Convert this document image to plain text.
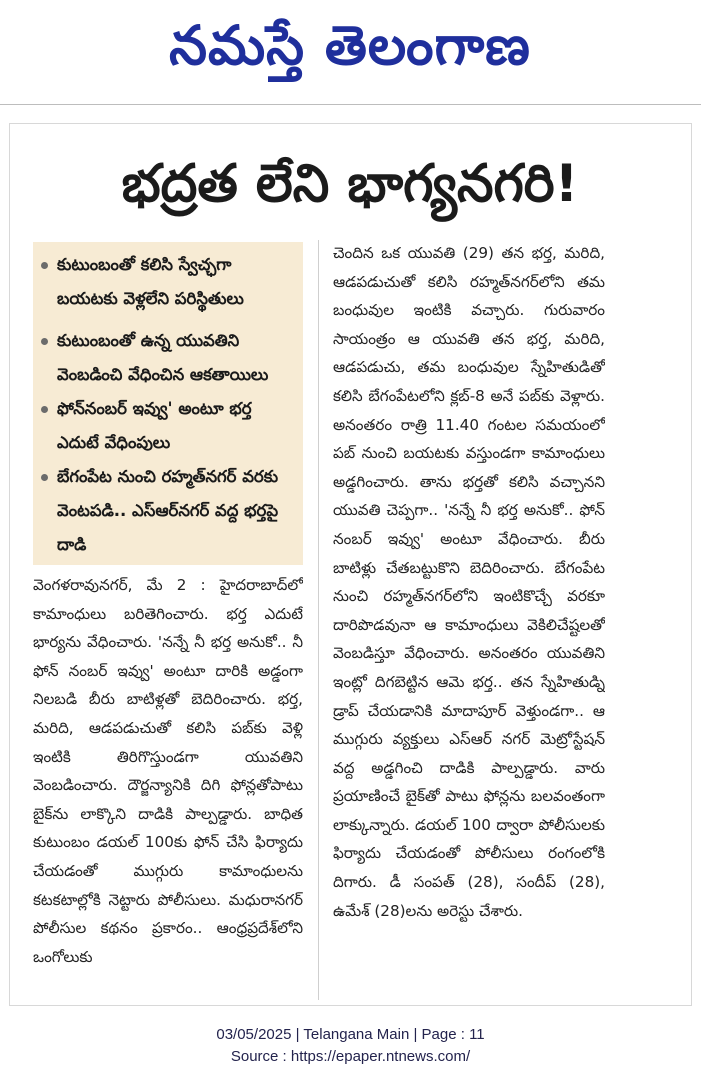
నమస్తే తెలంగాణ
భద్రత లేని భాగ్యనగరి!
కుటుంబంతో కలిసి స్వేచ్ఛగా బయటకు వెళ్లలేని పరిస్థితులు
కుటుంబంతో ఉన్న యువతిని వెంబడించి వేధించిన ఆకతాయిలు
ఫోన్‌నంబర్ ఇవ్వు' అంటూ భర్త ఎదుటే వేధింపులు
బేగంపేట నుంచి రహ్మత్‌నగర్ వరకు వెంటపడి.. ఎస్ఆర్‌నగర్ వద్ద భర్తపై దాడి
వెంగళరావునగర్, మే 2 : హైదరాబాద్‌లో కామాంధులు బరితెగించారు. భర్త ఎదుటే భార్యను వేధించారు. 'నన్నే నీ భర్త అనుకో.. నీ ఫోన్ నంబర్ ఇవ్వు' అంటూ దారికి అడ్డంగా నిలబడి బీరు బాటిళ్లతో బెదిరించారు. భర్త, మరిది, ఆడపడుచుతో కలిసి పబ్‌కు వెళ్లి ఇంటికి తిరిగొస్తుండగా యువతిని వెంబడించారు. దౌర్జన్యానికి దిగి ఫోన్లతోపాటు బైక్‌ను లాక్కొని దాడికి పాల్పడ్డారు. బాధిత కుటుంబం డయల్ 100కు ఫోన్ చేసి ఫిర్యాదు చేయడంతో ముగ్గురు కామాంధులను కటకటాల్లోకి నెట్టారు పోలీసులు. మధురానగర్ పోలీసుల కథనం ప్రకారం.. ఆంధ్రప్రదేశ్‌లోని ఒంగోలుకు
చెందిన ఒక యువతి (29) తన భర్త, మరిది, ఆడపడుచుతో కలిసి రహ్మత్‌నగర్‌లోని తమ బంధువుల ఇంటికి వచ్చారు. గురువారం సాయంత్రం ఆ యువతి తన భర్త, మరిది, ఆడపడుచు, తమ బంధువుల స్నేహితుడితో కలిసి బేగంపేటలోని క్లబ్-8 అనే పబ్‌కు వెళ్లారు. అనంతరం రాత్రి 11.40 గంటల సమయంలో పబ్ నుంచి బయటకు వస్తుండగా కామాంధులు అడ్డగించారు. తాను భర్తతో కలిసి వచ్చానని యువతి చెప్పగా.. 'నన్నే నీ భర్త అనుకో.. ఫోన్ నంబర్ ఇవ్వు' అంటూ వేధించారు. బీరు బాటిళ్లు చేతబట్టుకొని బెదిరించారు. బేగంపేట నుంచి రహ్మత్‌నగర్‌లోని ఇంటికొచ్చే వరకూ దారిపొడవునా ఆ కామాంధులు వెకిలిచేష్టలతో వెంబడిస్తూ వేధించారు. అనంతరం యువతిని ఇంట్లో దిగబెట్టిన ఆమె భర్త.. తన స్నేహితుడ్ని డ్రాప్ చేయడానికి మాదాపూర్ వెళ్తుండగా.. ఆ ముగ్గురు వ్యక్తులు ఎస్ఆర్ నగర్ మెట్రోస్టేషన్ వద్ద అడ్డగించి దాడికి పాల్పడ్డారు. వారు ప్రయాణించే బైక్‌తో పాటు ఫోన్లను బలవంతంగా లాక్కున్నారు. డయల్ 100 ద్వారా పోలీసులకు ఫిర్యాదు చేయడంతో పోలీసులు రంగంలోకి దిగారు. డీ సంపత్ (28), సందీప్ (28), ఉమేశ్ (28)లను అరెస్టు చేశారు.
03/05/2025 | Telangana Main | Page : 11
Source : https://epaper.ntnews.com/
